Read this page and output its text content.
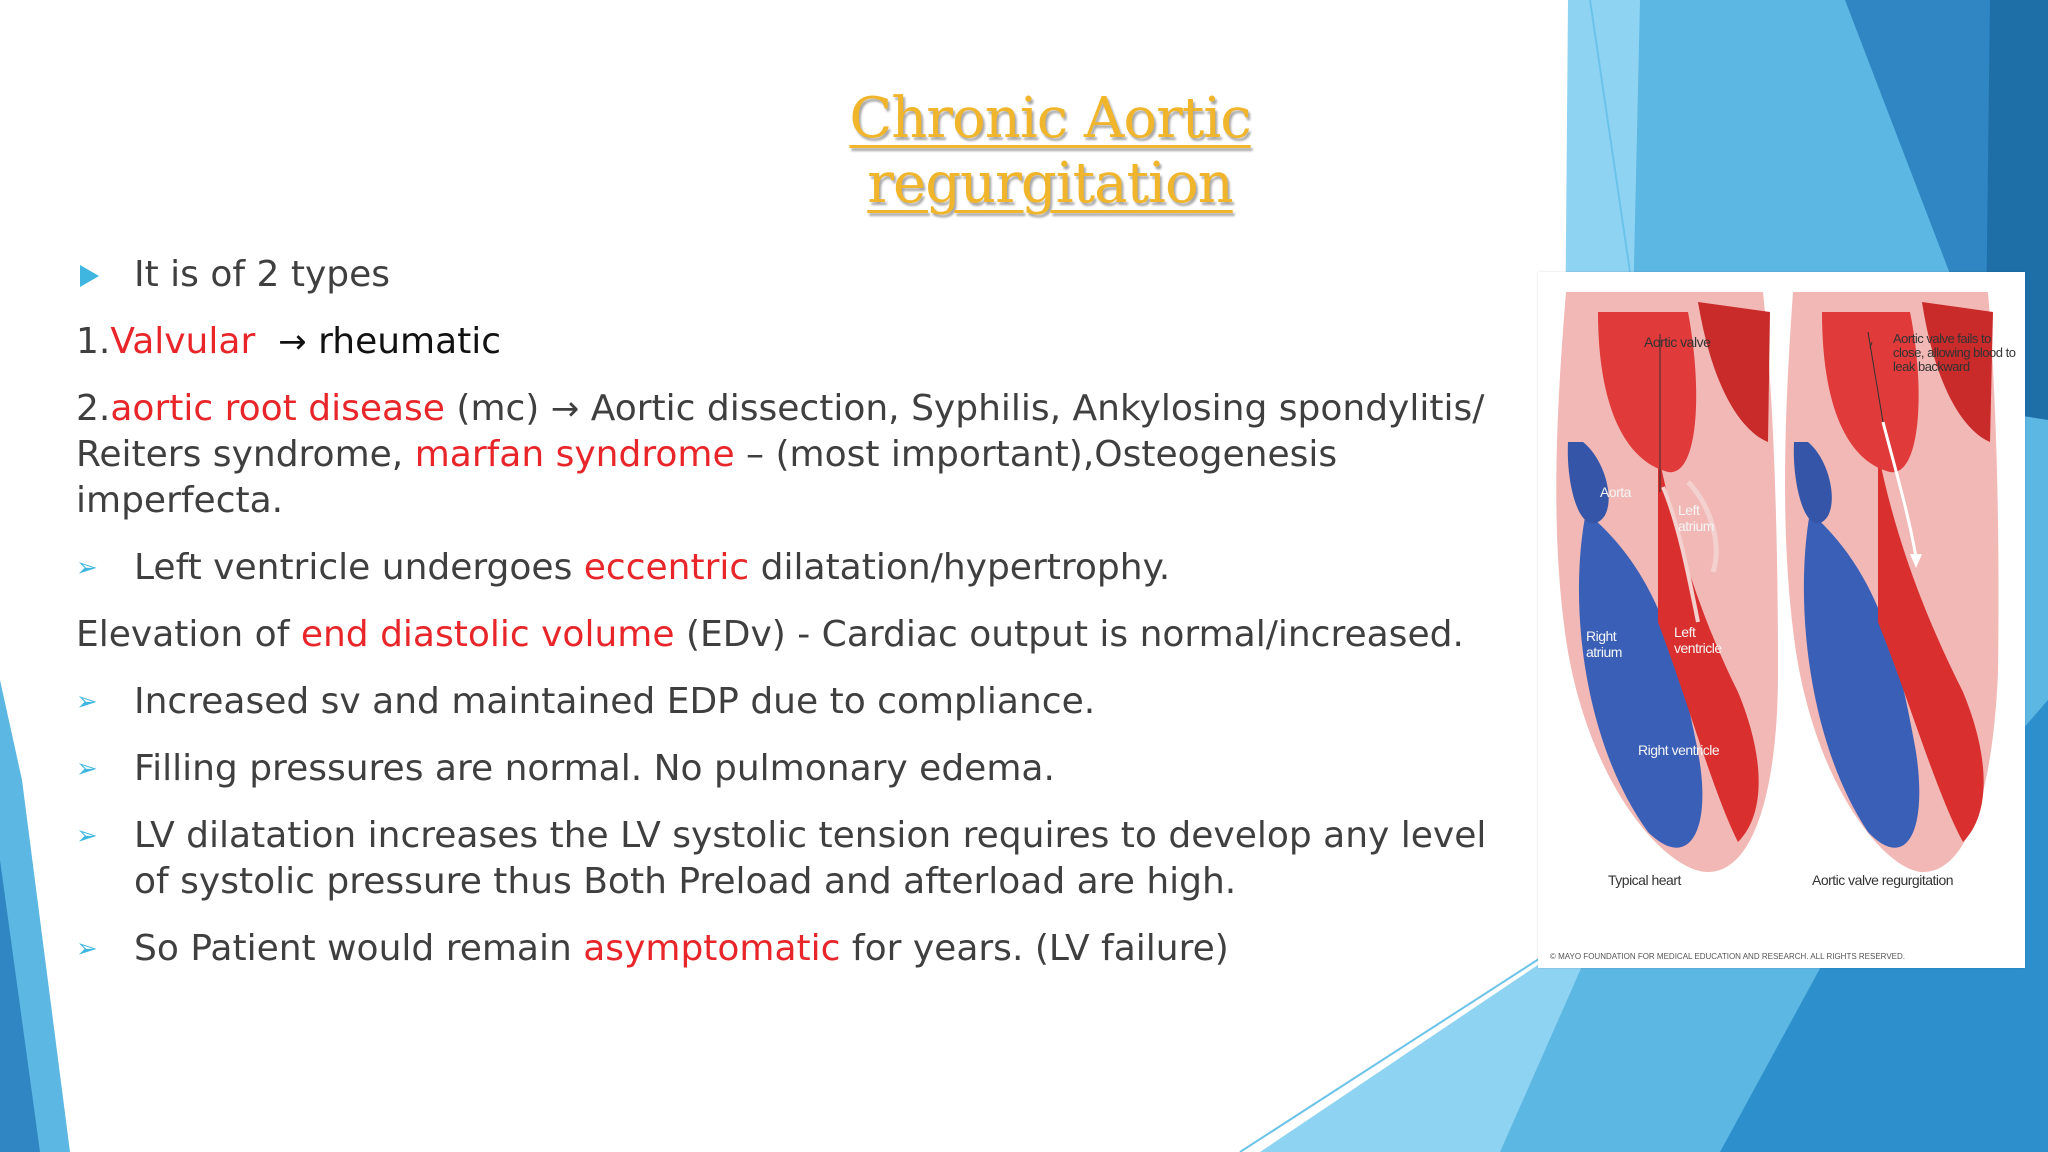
Chronic Aortic regurgitation
It is of 2 types
1.Valvular → rheumatic
2.aortic root disease (mc) → Aortic dissection, Syphilis, Ankylosing spondylitis/ Reiters syndrome, marfan syndrome – (most important),Osteogenesis imperfecta.
➢ Left ventricle undergoes eccentric dilatation/hypertrophy.
Elevation of end diastolic volume (EDv) - Cardiac output is normal/increased.
➢ Increased sv and maintained EDP due to compliance.
➢ Filling pressures are normal. No pulmonary edema.
➢ LV dilatation increases the LV systolic tension requires to develop any level of systolic pressure thus Both Preload and afterload are high.
➢ So Patient would remain asymptomatic for years. (LV failure)
Aortic valve	Aortic valve fails to close, allowing blood to leak backward
Aorta
Left atrium
Right atrium
Left ventricle
Right ventricle
Typical heart	Aortic valve regurgitation
© MAYO FOUNDATION FOR MEDICAL EDUCATION AND RESEARCH. ALL RIGHTS RESERVED.
